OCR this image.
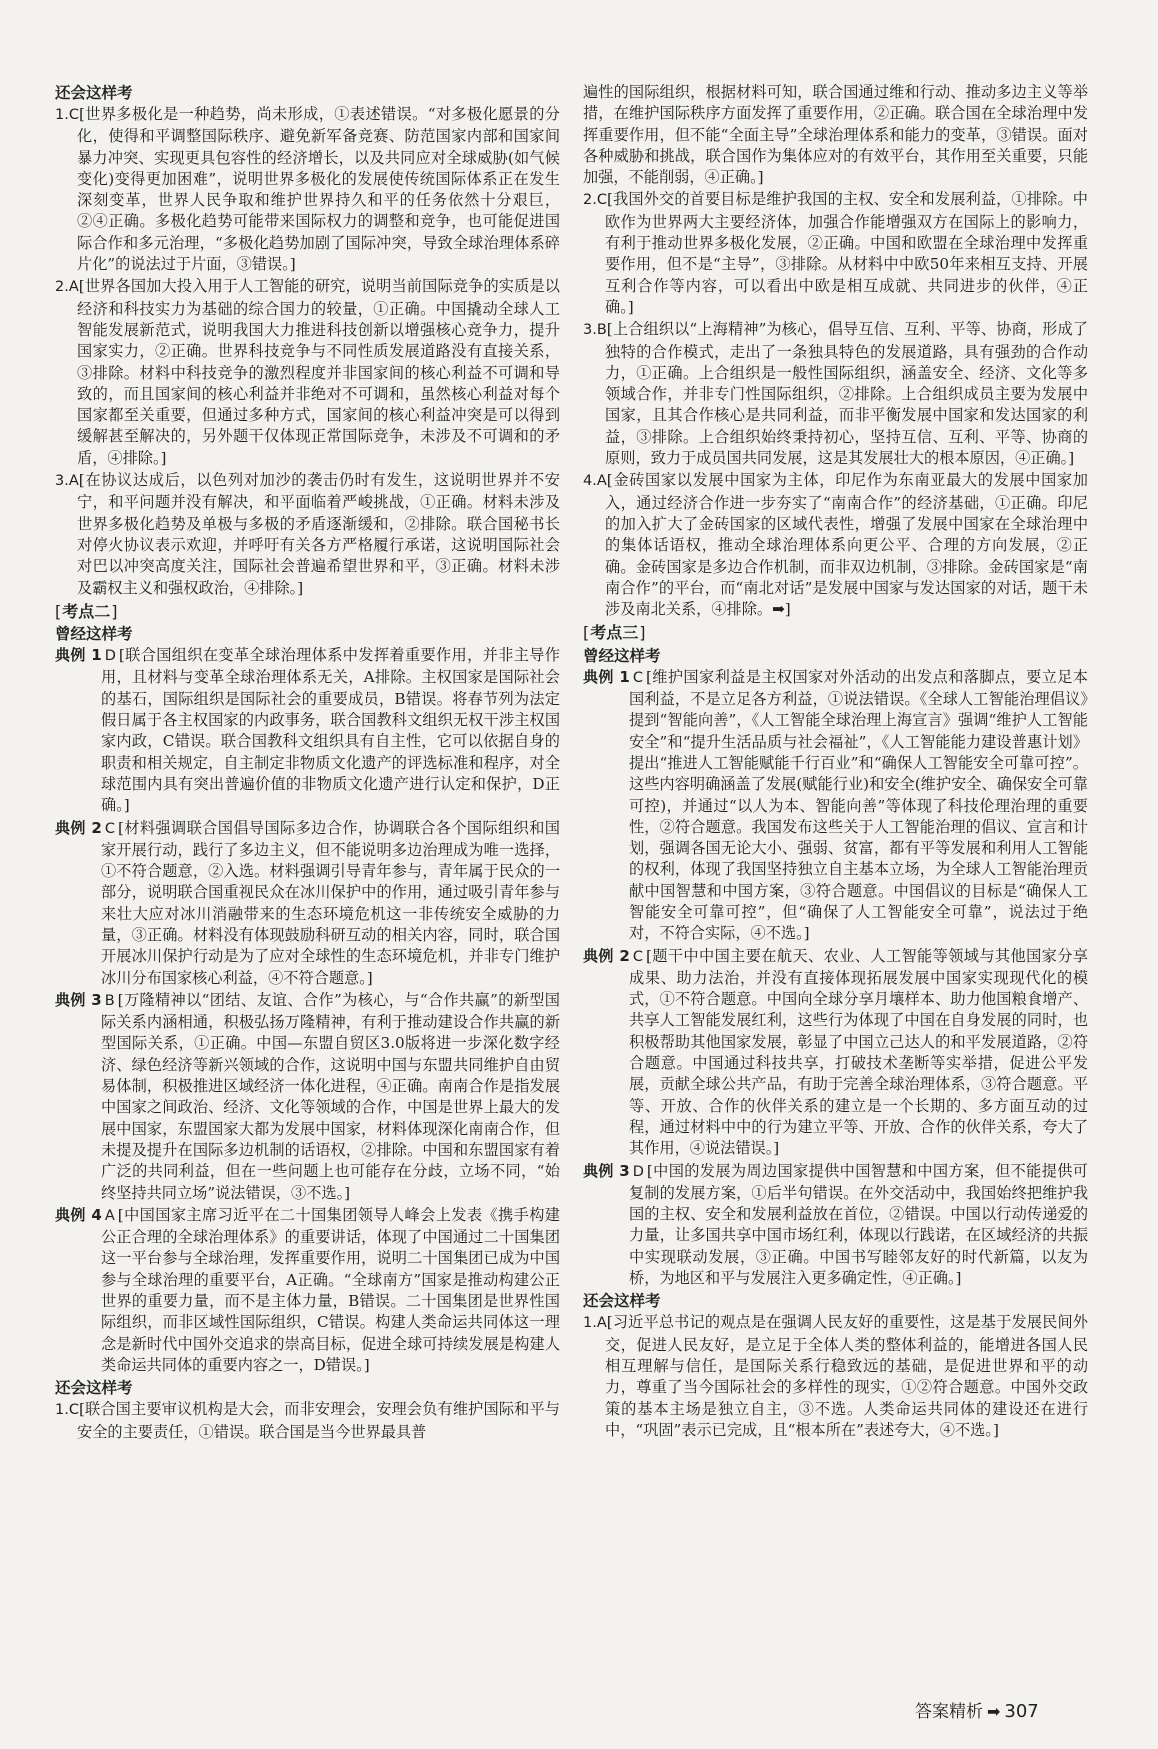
还会这样考

1.C[世界多极化是一种趋势，尚未形成，①表述错误。“对多极化愿景的分化，使得和平调整国际秩序、避免新军备竞赛、防范国家内部和国家间暴力冲突、实现更具包容性的经济增长，以及共同应对全球威胁(如气候变化)变得更加困难”，说明世界多极化的发展使传统国际体系正在发生深刻变革，世界人民争取和维护世界持久和平的任务依然十分艰巨，②④正确。多极化趋势可能带来国际权力的调整和竞争，也可能促进国际合作和多元治理，“多极化趋势加剧了国际冲突，导致全球治理体系碎片化”的说法过于片面，③错误。]

2.A[世界各国加大投入用于人工智能的研究，说明当前国际竞争的实质是以经济和科技实力为基础的综合国力的较量，①正确。中国撬动全球人工智能发展新范式，说明我国大力推进科技创新以增强核心竞争力，提升国家实力，②正确。世界科技竞争与不同性质发展道路没有直接关系，③排除。材料中科技竞争的激烈程度并非国家间的核心利益不可调和导致的，而且国家间的核心利益并非绝对不可调和，虽然核心利益对每个国家都至关重要，但通过多种方式，国家间的核心利益冲突是可以得到缓解甚至解决的，另外题干仅体现正常国际竞争，未涉及不可调和的矛盾，④排除。]

3.A[在协议达成后，以色列对加沙的袭击仍时有发生，这说明世界并不安宁，和平问题并没有解决，和平面临着严峻挑战，①正确。材料未涉及世界多极化趋势及单极与多极的矛盾逐渐缓和，②排除。联合国秘书长对停火协议表示欢迎，并呼吁有关各方严格履行承诺，这说明国际社会对巴以冲突高度关注，国际社会普遍希望世界和平，③正确。材料未涉及霸权主义和强权政治，④排除。]

[ 考点二 ]

曾经这样考

典例 1 D [联合国组织在变革全球治理体系中发挥着重要作用，并非主导作用，且材料与变革全球治理体系无关，A排除。主权国家是国际社会的基石，国际组织是国际社会的重要成员，B错误。将春节列为法定假日属于各主权国家的内政事务，联合国教科文组织无权干涉主权国家内政，C错误。联合国教科文组织具有自主性，它可以依据自身的职责和相关规定，自主制定非物质文化遗产的评选标准和程序，对全球范围内具有突出普遍价值的非物质文化遗产进行认定和保护，D正确。]

典例 2 C [材料强调联合国倡导国际多边合作，协调联合各个国际组织和国家开展行动，践行了多边主义，但不能说明多边治理成为唯一选择，①不符合题意，②入选。材料强调引导青年参与，青年属于民众的一部分，说明联合国重视民众在冰川保护中的作用，通过吸引青年参与来壮大应对冰川消融带来的生态环境危机这一非传统安全威胁的力量，③正确。材料没有体现鼓励科研互动的相关内容，同时，联合国开展冰川保护行动是为了应对全球性的生态环境危机，并非专门维护冰川分布国家核心利益，④不符合题意。]

典例 3 B [万隆精神以“团结、友谊、合作”为核心，与“合作共赢”的新型国际关系内涵相通，积极弘扬万隆精神，有利于推动建设合作共赢的新型国际关系，①正确。中国—东盟自贸区3.0版将进一步深化数字经济、绿色经济等新兴领域的合作，这说明中国与东盟共同维护自由贸易体制，积极推进区域经济一体化进程，④正确。南南合作是指发展中国家之间政治、经济、文化等领域的合作，中国是世界上最大的发展中国家，东盟国家大都为发展中国家，材料体现深化南南合作，但未提及提升在国际多边机制的话语权，②排除。中国和东盟国家有着广泛的共同利益，但在一些问题上也可能存在分歧，立场不同，“始终坚持共同立场”说法错误，③不选。]

典例 4 A [中国国家主席习近平在二十国集团领导人峰会上发表《携手构建公正合理的全球治理体系》的重要讲话，体现了中国通过二十国集团这一平台参与全球治理，发挥重要作用，说明二十国集团已成为中国参与全球治理的重要平台，A正确。“全球南方”国家是推动构建公正世界的重要力量，而不是主体力量，B错误。二十国集团是世界性国际组织，而非区域性国际组织，C错误。构建人类命运共同体这一理念是新时代中国外交追求的崇高目标，促进全球可持续发展是构建人类命运共同体的重要内容之一，D错误。]

还会这样考

1.C[联合国主要审议机构是大会，而非安理会，安理会负有维护国际和平与安全的主要责任，①错误。联合国是当今世界最具普

遍性的国际组织，根据材料可知，联合国通过维和行动、推动多边主义等举措，在维护国际秩序方面发挥了重要作用，②正确。联合国在全球治理中发挥重要作用，但不能“全面主导”全球治理体系和能力的变革，③错误。面对各种威胁和挑战，联合国作为集体应对的有效平台，其作用至关重要，只能加强，不能削弱，④正确。]

2.C[我国外交的首要目标是维护我国的主权、安全和发展利益，①排除。中欧作为世界两大主要经济体，加强合作能增强双方在国际上的影响力，有利于推动世界多极化发展，②正确。中国和欧盟在全球治理中发挥重要作用，但不是“主导”，③排除。从材料中中欧50年来相互支持、开展互利合作等内容，可以看出中欧是相互成就、共同进步的伙伴，④正确。]

3.B[上合组织以“上海精神”为核心，倡导互信、互利、平等、协商，形成了独特的合作模式，走出了一条独具特色的发展道路，具有强劲的合作动力，①正确。上合组织是一般性国际组织，涵盖安全、经济、文化等多领域合作，并非专门性国际组织，②排除。上合组织成员主要为发展中国家，且其合作核心是共同利益，而非平衡发展中国家和发达国家的利益，③排除。上合组织始终秉持初心，坚持互信、互利、平等、协商的原则，致力于成员国共同发展，这是其发展壮大的根本原因，④正确。]

4.A[金砖国家以发展中国家为主体，印尼作为东南亚最大的发展中国家加入，通过经济合作进一步夯实了“南南合作”的经济基础，①正确。印尼的加入扩大了金砖国家的区域代表性，增强了发展中国家在全球治理中的集体话语权，推动全球治理体系向更公平、合理的方向发展，②正确。金砖国家是多边合作机制，而非双边机制，③排除。金砖国家是“南南合作”的平台，而“南北对话”是发展中国家与发达国家的对话，题干未涉及南北关系，④排除。➡]

[ 考点三 ]

曾经这样考

典例 1 C [维护国家利益是主权国家对外活动的出发点和落脚点，要立足本国利益，不是立足各方利益，①说法错误。《全球人工智能治理倡议》提到“智能向善”，《人工智能全球治理上海宣言》强调“维护人工智能安全”和“提升生活品质与社会福祉”，《人工智能能力建设普惠计划》提出“推进人工智能赋能千行百业”和“确保人工智能安全可靠可控”。这些内容明确涵盖了发展(赋能行业)和安全(维护安全、确保安全可靠可控)，并通过“以人为本、智能向善”等体现了科技伦理治理的重要性，②符合题意。我国发布这些关于人工智能治理的倡议、宣言和计划，强调各国无论大小、强弱、贫富，都有平等发展和利用人工智能的权利，体现了我国坚持独立自主基本立场，为全球人工智能治理贡献中国智慧和中国方案，③符合题意。中国倡议的目标是“确保人工智能安全可靠可控”，但“确保了人工智能安全可靠”，说法过于绝对，不符合实际，④不选。]

典例 2 C [题干中中国主要在航天、农业、人工智能等领域与其他国家分享成果、助力法治，并没有直接体现拓展发展中国家实现现代化的模式，①不符合题意。中国向全球分享月壤样本、助力他国粮食增产、共享人工智能发展红利，这些行为体现了中国在自身发展的同时，也积极帮助其他国家发展，彰显了中国立己达人的和平发展道路，②符合题意。中国通过科技共享，打破技术垄断等实举措，促进公平发展，贡献全球公共产品，有助于完善全球治理体系，③符合题意。平等、开放、合作的伙伴关系的建立是一个长期的、多方面互动的过程，通过材料中中的行为建立平等、开放、合作的伙伴关系，夸大了其作用，④说法错误。]

典例 3 D [中国的发展为周边国家提供中国智慧和中国方案，但不能提供可复制的发展方案，①后半句错误。在外交活动中，我国始终把维护我国的主权、安全和发展利益放在首位，②错误。中国以行动传递爱的力量，让多国共享中国市场红利，体现以行践诺，在区域经济的共振中实现联动发展，③正确。中国书写睦邻友好的时代新篇，以友为桥，为地区和平与发展注入更多确定性，④正确。]

还会这样考

1.A[习近平总书记的观点是在强调人民友好的重要性，这是基于发展民间外交，促进人民友好，是立足于全体人类的整体利益的，能增进各国人民相互理解与信任，是国际关系行稳致远的基础，是促进世界和平的动力，尊重了当今国际社会的多样性的现实，①②符合题意。中国外交政策的基本主场是独立自主，③不选。人类命运共同体的建设还在进行中，“巩固”表示已完成，且“根本所在”表述夸大，④不选。]

答案精析 ➡ 307
